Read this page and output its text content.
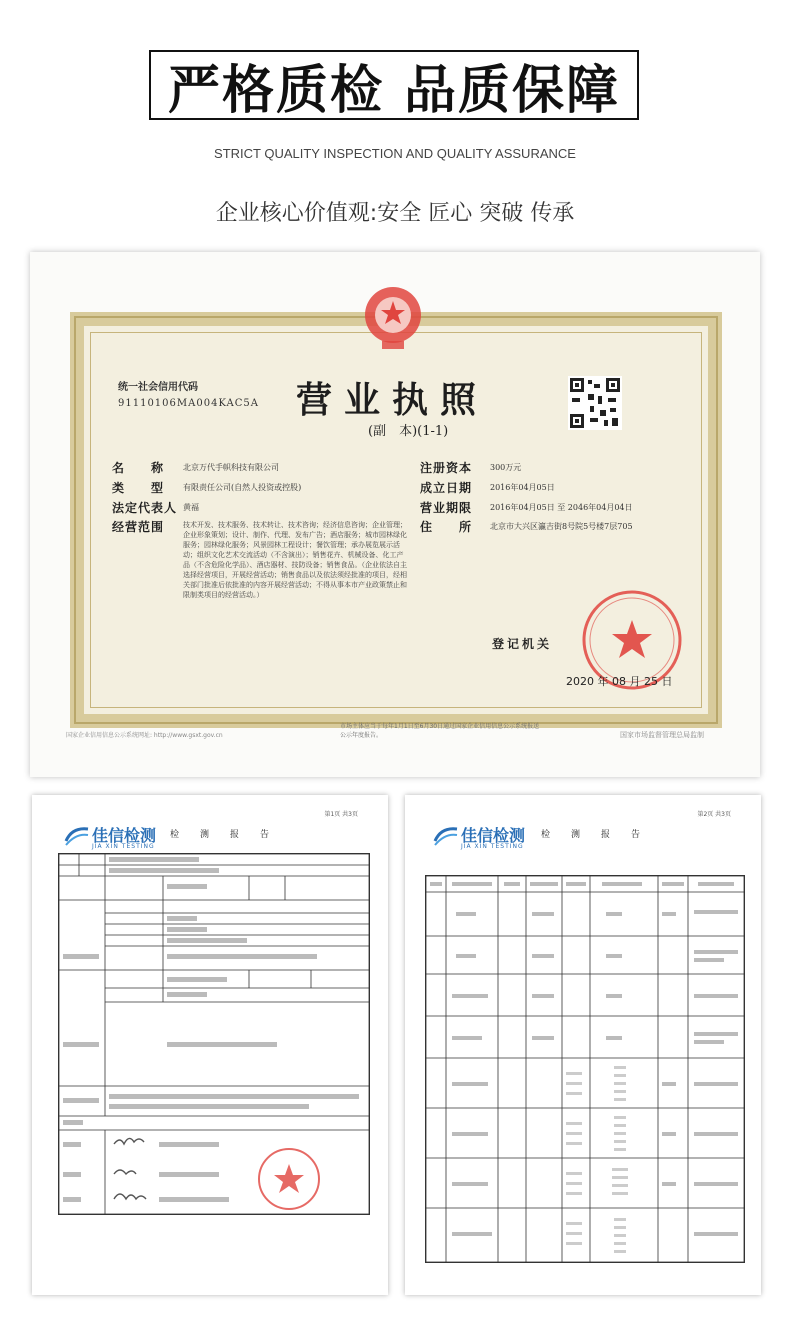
严格质检 品质保障
STRICT QUALITY INSPECTION AND QUALITY ASSURANCE
企业核心价值观:安全 匠心 突破 传承
统一社会信用代码
91110106MA004KAC5A 营业执照
(副　本)(1-1)
名　　称 北京万代手帜科技有限公司
类　　型 有限责任公司(自然人投资或控股)
法定代表人 黄福
经营范围	技术开发、技术服务、技术转让、技术咨询；经济信息咨询；企业管理；企业形象策划；设计、制作、代理、发布广告；酒店服务；城市园林绿化服务；园林绿化服务；风景园林工程设计；餐饮管理；承办展览展示活动；组织文化艺术交流活动（不含演出）；销售花卉、机械设备、化工产品（不含危险化学品）、酒店器材、技防设备；销售食品。（企业依法自主选择经营项目，开展经营活动；销售食品以及依法须经批准的项目，经相关部门批准后依批准的内容开展经营活动；不得从事本市产业政策禁止和限制类项目的经营活动。）
注册资本 300万元
成立日期 2016年04月05日
营业期限 2016年04月05日 至 2046年04月04日
住　　所 北京市大兴区瀛吉街8号院5号楼7层705
登记机关
2020 年 08 月 25 日
国家企业信用信息公示系统网址: http://www.gsxt.gov.cn
市场主体应当于每年1月1日至6月30日通过国家企业信用信息公示系统报送公示年度报告。	国家市场监督管理总局监制
第1页 共3页
佳信检测
JIA XIN TESTING
检　测　报　告
第2页 共3页
佳信检测
JIA XIN TESTING
检　测　报　告
